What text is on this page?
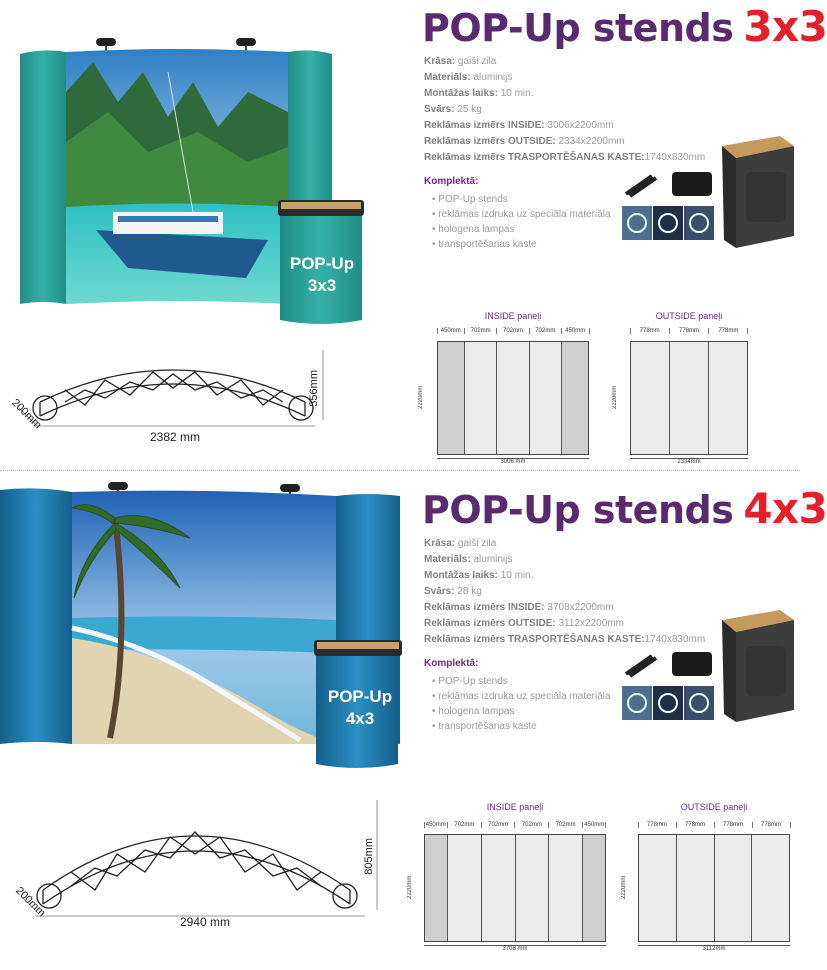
POP-Up
3x3
POP-Up stends 3x3
Krāsa: gaiši zila
Materiāls: aluminijs
Montāžas laiks: 10 min.
Svārs: 25 kg
Reklāmas izmērs INSIDE: 3006x2200mm
Reklāmas izmērs OUTSIDE: 2334x2200mm
Reklāmas izmērs TRASPORTĒŠANAS KASTE:1740x830mm
Komplektā:
• POP-Up stends
• reklāmas izdruka uz speciāla materiāla
• hologena lampas
• transportēšanas kaste
2382 mm
556mm
200mm
INSIDE paneļi
450mm	702mm	702mm	702mm	450mm
3006 mm
2220mm
OUTSIDE paneļi
778mm	778mm	778mm
2334mm
2220mm
POP-Up
4x3
POP-Up stends 4x3
Krāsa: gaiši zila
Materiāls: aluminijs
Montāžas laiks: 10 min.
Svārs: 28 kg
Reklāmas izmērs INSIDE: 3708x2200mm
Reklāmas izmērs OUTSIDE: 3112x2200mm
Reklāmas izmērs TRASPORTĒŠANAS KASTE:1740x830mm
Komplektā:
• POP-Up stends
• reklāmas izdruka uz speciāla materiāla
• hologena lampas
• transportēšanas kaste
2940 mm
805mm
200mm
INSIDE paneļi
450mm	702mm	702mm	702mm	702mm	450mm
3708 mm
2220mm
OUTSIDE paneļi
778mm	778mm	778mm	778mm
3112mm
2220mm
